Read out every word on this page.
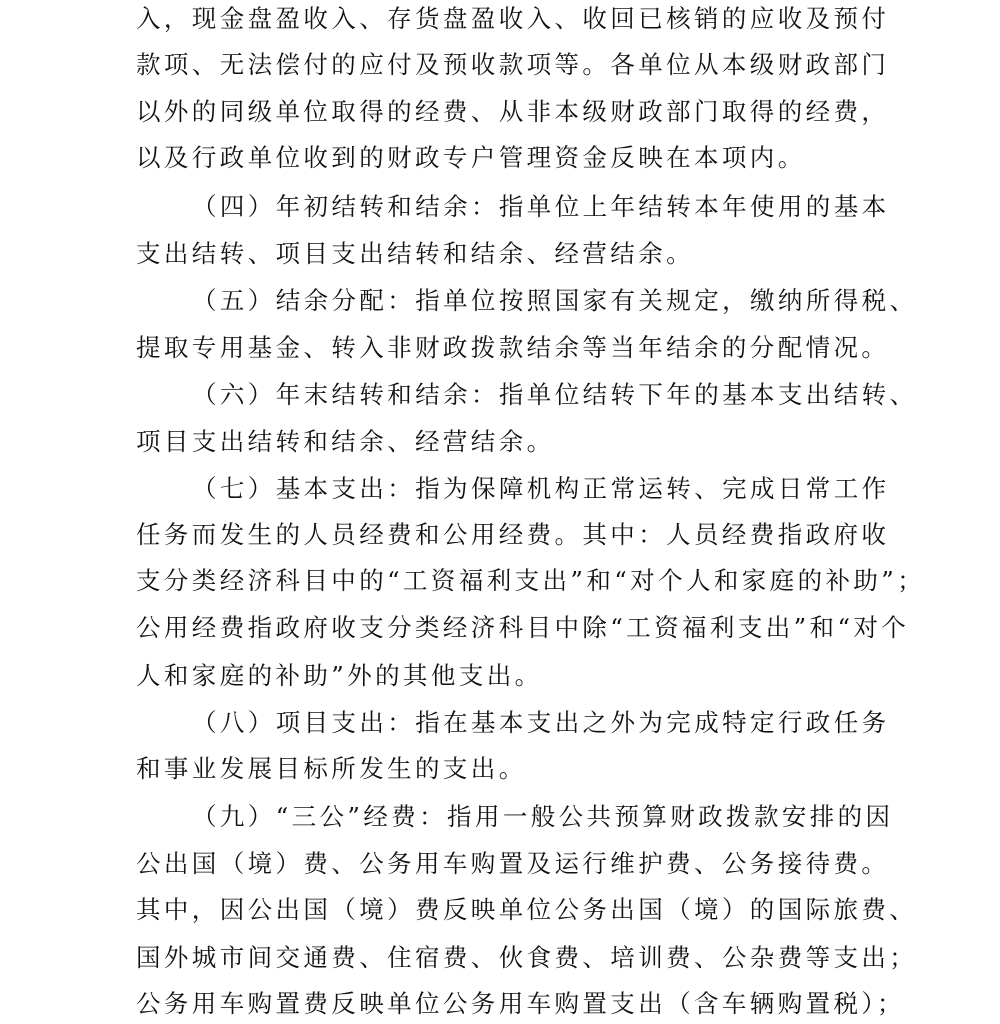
入，现金盘盈收入、存货盘盈收入、收回已核销的应收及预付
款项、无法偿付的应付及预收款项等。各单位从本级财政部门
以外的同级单位取得的经费、从非本级财政部门取得的经费，
以及行政单位收到的财政专户管理资金反映在本项内。
（四）年初结转和结余：指单位上年结转本年使用的基本
支出结转、项目支出结转和结余、经营结余。
（五）结余分配：指单位按照国家有关规定，缴纳所得税、
提取专用基金、转入非财政拨款结余等当年结余的分配情况。
（六）年末结转和结余：指单位结转下年的基本支出结转、
项目支出结转和结余、经营结余。
（七）基本支出：指为保障机构正常运转、完成日常工作
任务而发生的人员经费和公用经费。其中：人员经费指政府收
支分类经济科目中的“工资福利支出”和“对个人和家庭的补助”；
公用经费指政府收支分类经济科目中除“工资福利支出”和“对个
人和家庭的补助”外的其他支出。
（八）项目支出：指在基本支出之外为完成特定行政任务
和事业发展目标所发生的支出。
（九）“三公”经费：指用一般公共预算财政拨款安排的因
公出国（境）费、公务用车购置及运行维护费、公务接待费。
其中，因公出国（境）费反映单位公务出国（境）的国际旅费、
国外城市间交通费、住宿费、伙食费、培训费、公杂费等支出；
公务用车购置费反映单位公务用车购置支出（含车辆购置税）；
